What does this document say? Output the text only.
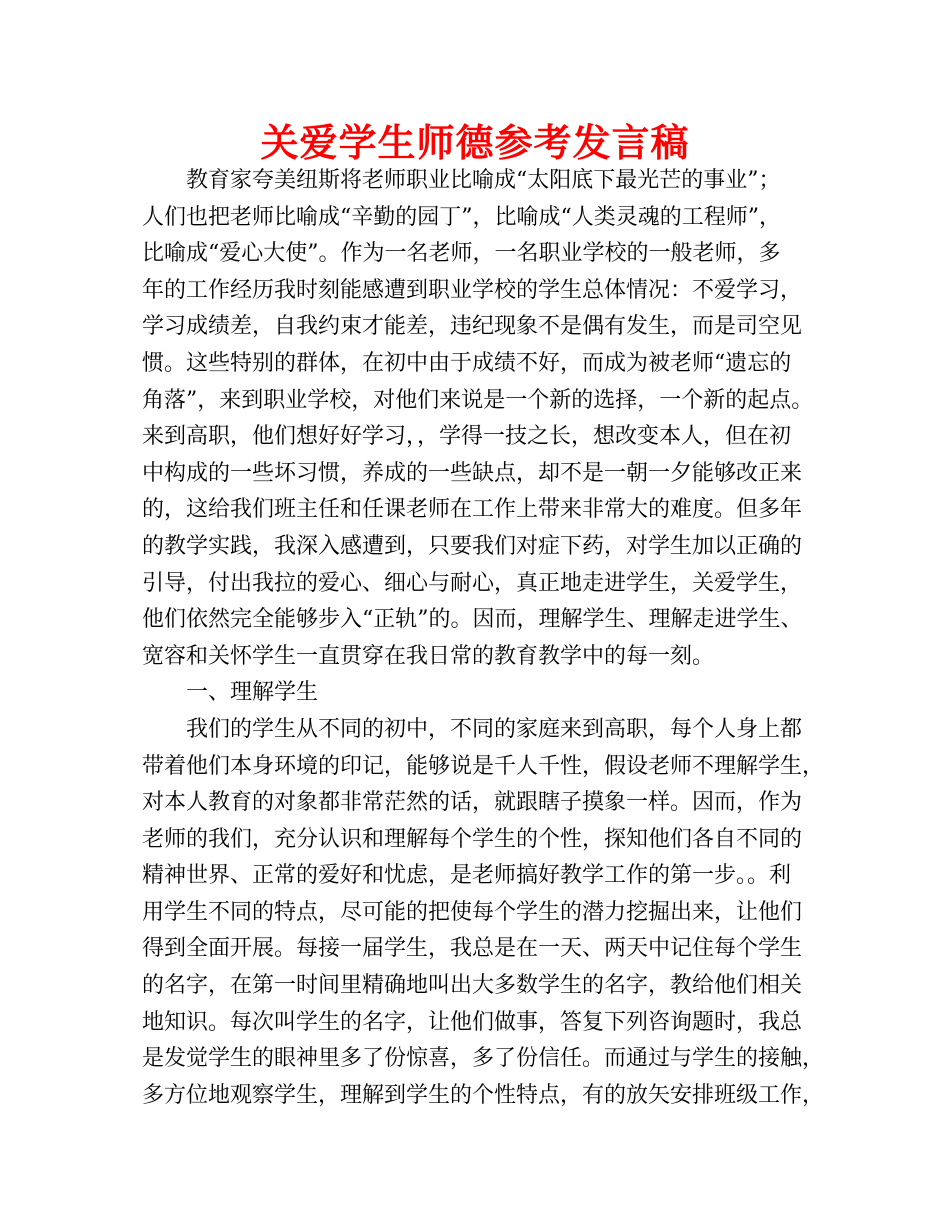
关爱学生师德参考发言稿
教育家夸美纽斯将老师职业比喻成“太阳底下最光芒的事业”；
人们也把老师比喻成“辛勤的园丁”，比喻成“人类灵魂的工程师”，
比喻成“爱心大使”。作为一名老师，一名职业学校的一般老师，多
年的工作经历我时刻能感遭到职业学校的学生总体情况：不爱学习，
学习成绩差，自我约束才能差，违纪现象不是偶有发生，而是司空见
惯。这些特别的群体，在初中由于成绩不好，而成为被老师“遗忘的
角落”，来到职业学校，对他们来说是一个新的选择，一个新的起点。
来到高职，他们想好好学习，，学得一技之长，想改变本人，但在初
中构成的一些坏习惯，养成的一些缺点，却不是一朝一夕能够改正来
的，这给我们班主任和任课老师在工作上带来非常大的难度。但多年
的教学实践，我深入感遭到，只要我们对症下药，对学生加以正确的
引导，付出我拉的爱心、细心与耐心，真正地走进学生，关爱学生，
他们依然完全能够步入“正轨”的。因而，理解学生、理解走进学生、
宽容和关怀学生一直贯穿在我日常的教育教学中的每一刻。
一、理解学生
我们的学生从不同的初中，不同的家庭来到高职，每个人身上都
带着他们本身环境的印记，能够说是千人千性，假设老师不理解学生，
对本人教育的对象都非常茫然的话，就跟瞎子摸象一样。因而，作为
老师的我们，充分认识和理解每个学生的个性，探知他们各自不同的
精神世界、正常的爱好和忧虑，是老师搞好教学工作的第一步。。利
用学生不同的特点，尽可能的把使每个学生的潜力挖掘出来，让他们
得到全面开展。每接一届学生，我总是在一天、两天中记住每个学生
的名字，在第一时间里精确地叫出大多数学生的名字，教给他们相关
地知识。每次叫学生的名字，让他们做事，答复下列咨询题时，我总
是发觉学生的眼神里多了份惊喜，多了份信任。而通过与学生的接触，
多方位地观察学生，理解到学生的个性特点，有的放矢安排班级工作，
